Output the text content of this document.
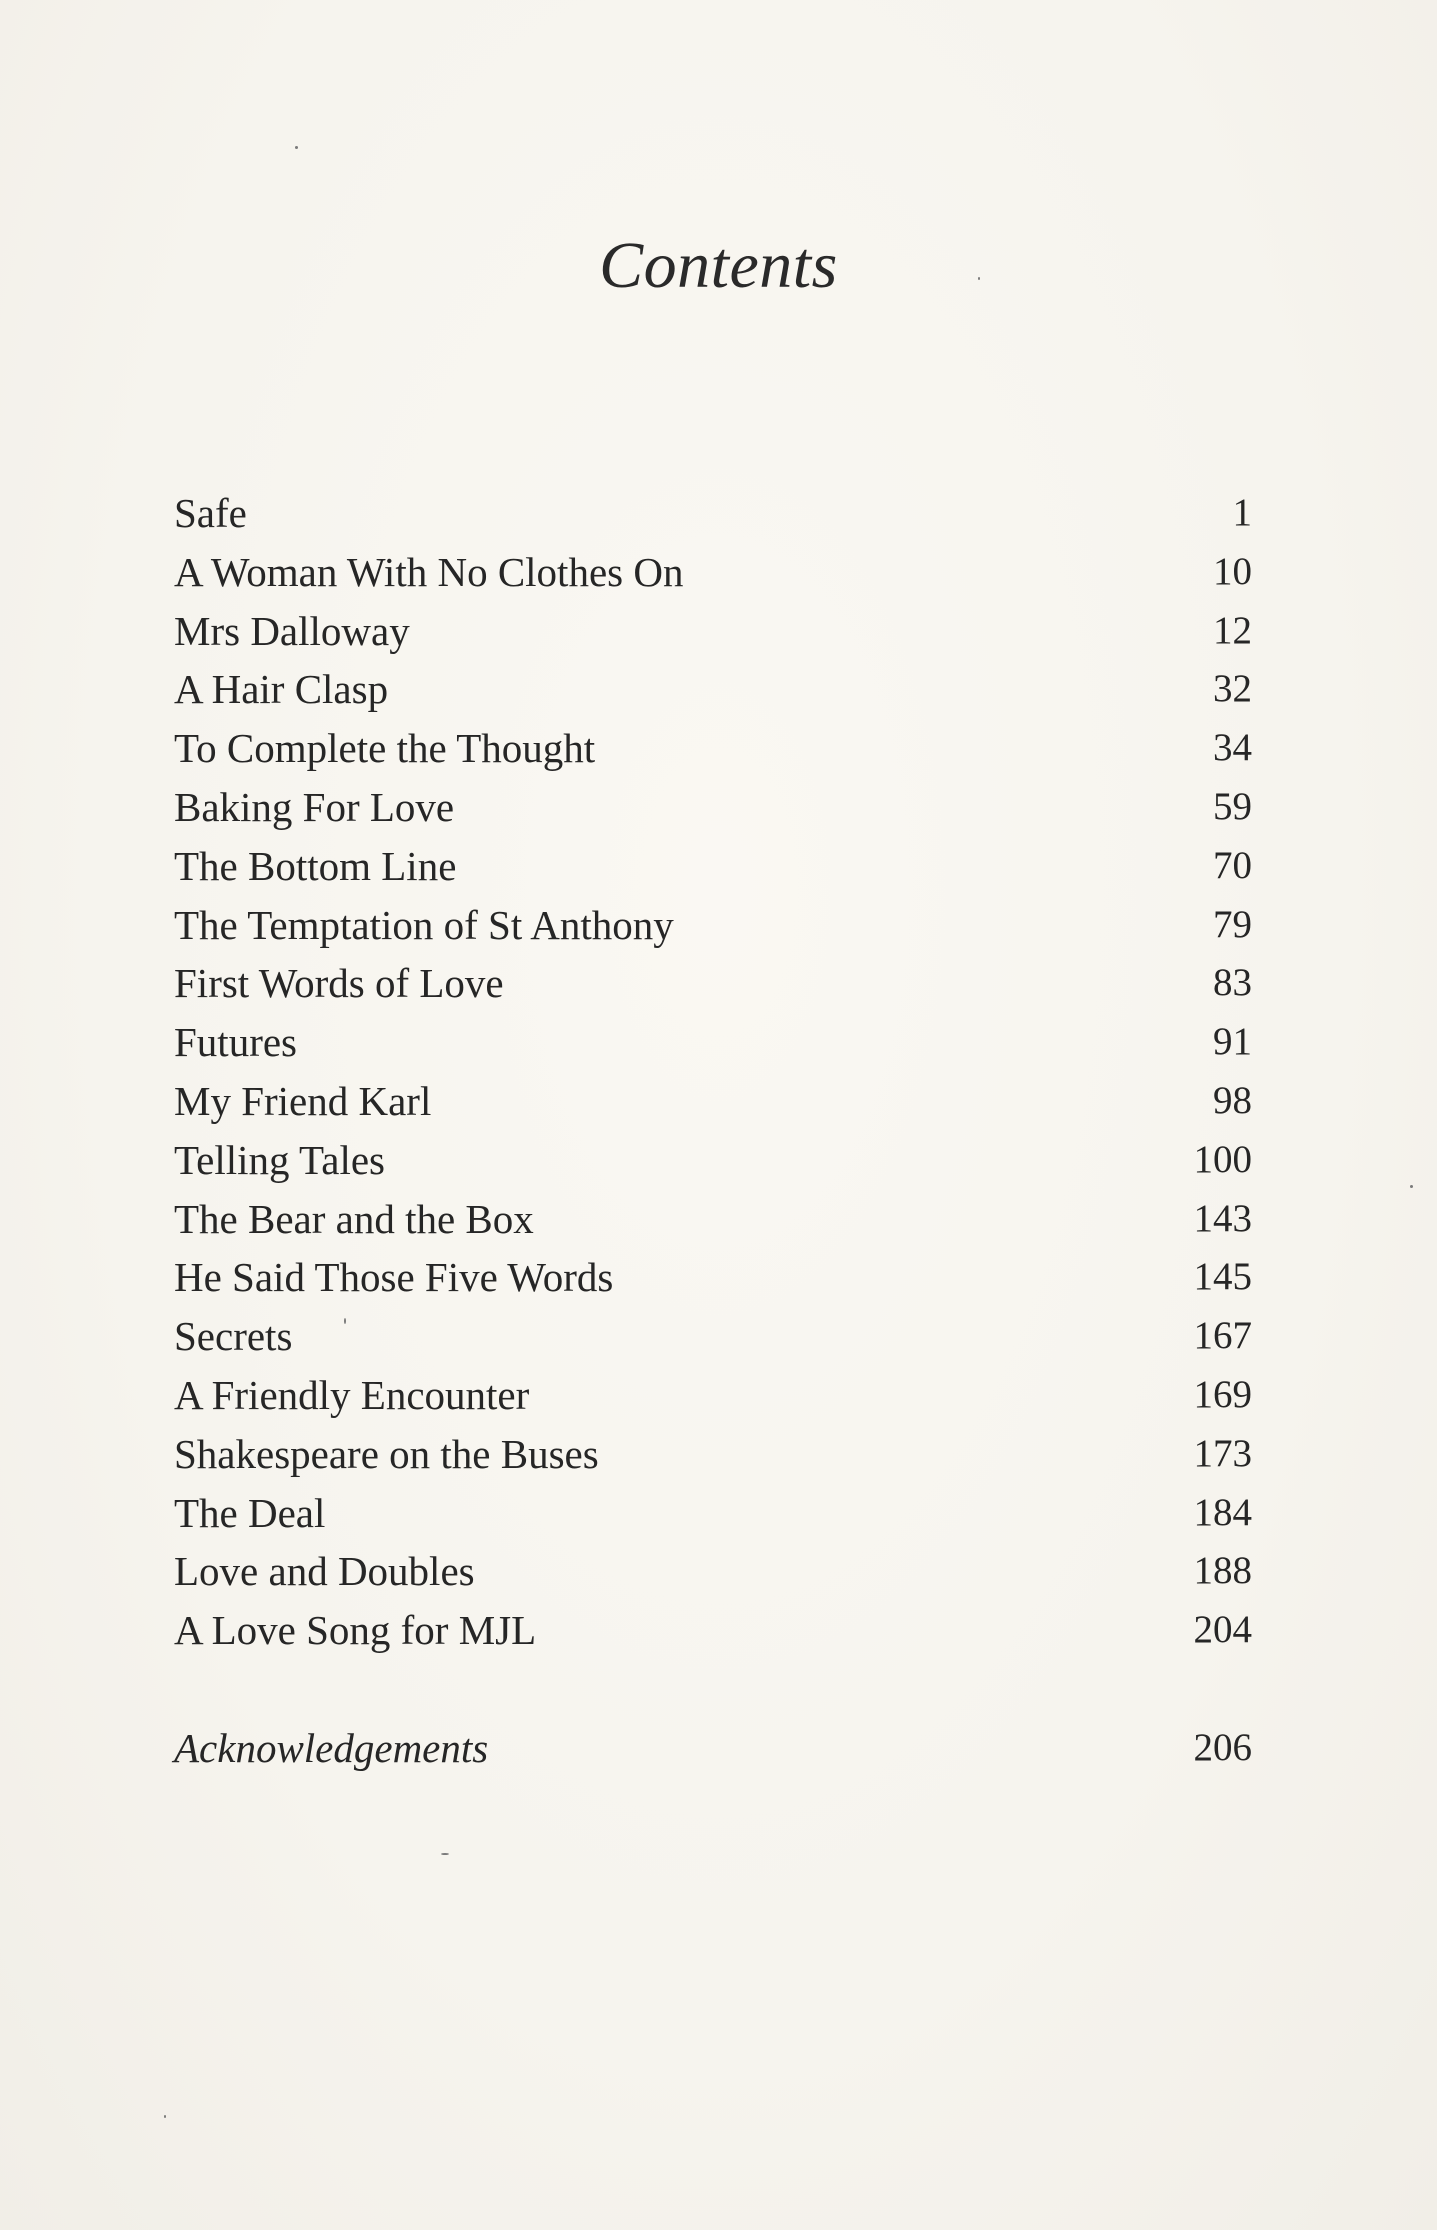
Contents
Safe	1
A Woman With No Clothes On	10
Mrs Dalloway	12
A Hair Clasp	32
To Complete the Thought	34
Baking For Love	59
The Bottom Line	70
The Temptation of St Anthony	79
First Words of Love	83
Futures	91
My Friend Karl	98
Telling Tales	100
The Bear and the Box	143
He Said Those Five Words	145
Secrets	167
A Friendly Encounter	169
Shakespeare on the Buses	173
The Deal	184
Love and Doubles	188
A Love Song for MJL	204
Acknowledgements	206
